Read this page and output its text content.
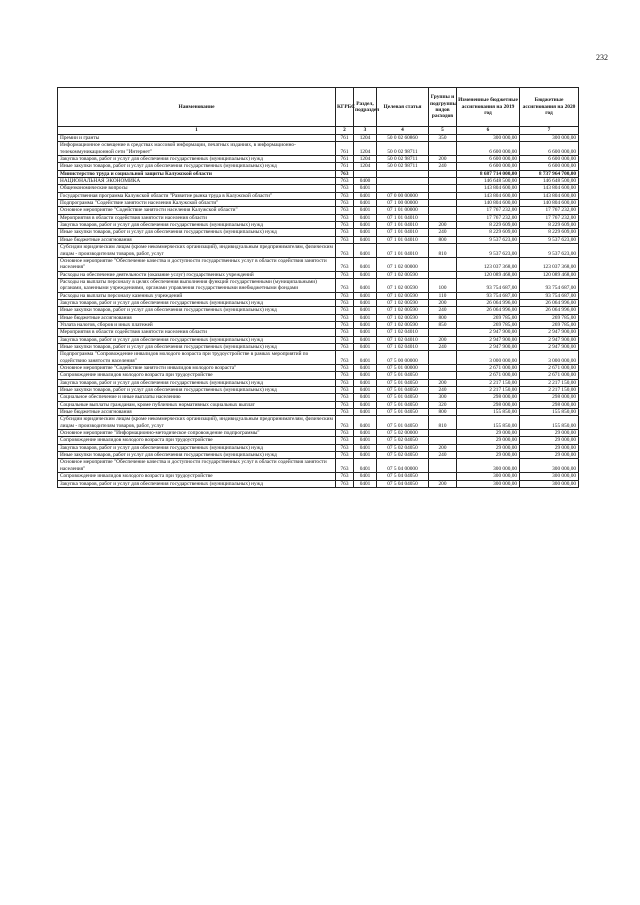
232
Наименование	КГРБС	Раздел, подраздел	Целевая статья	Группы и подгруппы видов расходов	Измененные бюджетные ассигнования на 2019 год	Бюджетные ассигнования на 2020 год
1	2	3	4	5	6	7
Премии и гранты	761	1204	50 0 02 60860	350	300 000,00	300 000,00
Информационное освещение в средствах массовой информации, печатных изданиях, в информационно-телекоммуникационной сети "Интернет"	761	1204	50 0 02 98711		6 600 000,00	6 600 000,00
Закупка товаров, работ и услуг для обеспечения государственных (муниципальных) нужд	761	1204	50 0 02 98711	200	6 600 000,00	6 600 000,00
Иные закупки товаров, работ и услуг для обеспечения государственных (муниципальных) нужд	761	1204	50 0 02 98711	240	6 600 000,00	6 600 000,00
Министерство труда и социальной защиты Калужской области	763				8 687 714 000,00	8 737 964 700,00
НАЦИОНАЛЬНАЯ ЭКОНОМИКА	763	0400			146 648 500,00	146 648 500,00
Общеэкономические вопросы	763	0401			143 804 600,00	143 804 600,00
Государственная программа Калужской области "Развитие рынка труда в Калужской области"	763	0401	07 0 00 00000		143 804 600,00	143 804 600,00
Подпрограмма "Содействие занятости населения Калужской области"	763	0401	07 1 00 00000		140 804 600,00	140 804 600,00
Основное мероприятие "Содействие занятости населения Калужской области"	763	0401	07 1 01 00000		17 767 232,00	17 767 232,00
Мероприятия в области содействия занятости населения области	763	0401	07 1 01 04010		17 767 232,00	17 767 232,00
Закупка товаров, работ и услуг для обеспечения государственных (муниципальных) нужд	763	0401	07 1 01 04010	200	8 229 609,00	8 229 609,00
Иные закупки товаров, работ и услуг для обеспечения государственных (муниципальных) нужд	763	0401	07 1 01 04010	240	8 229 609,00	8 229 609,00
Иные бюджетные ассигнования	763	0401	07 1 01 04010	800	9 537 623,00	9 537 623,00
Субсидии юридическим лицам (кроме некоммерческих организаций), индивидуальным предпринимателям, физическим лицам - производителям товаров, работ, услуг	763	0401	07 1 01 04010	810	9 537 623,00	9 537 623,00
Основное мероприятие "Обеспечение качества и доступности государственных услуг в области содействия занятости населения"	763	0401	07 1 02 00000		123 037 368,00	123 037 368,00
Расходы на обеспечение деятельности (оказание услуг) государственных учреждений	763	0401	07 1 02 00590		120 089 468,00	120 089 468,00
Расходы на выплаты персоналу в целях обеспечения выполнения функций государственными (муниципальными) органами, казенными учреждениями, органами управления государственными внебюджетными фондами	763	0401	07 1 02 00590	100	93 754 687,00	93 754 687,00
Расходы на выплаты персоналу казенных учреждений	763	0401	07 1 02 00590	110	93 754 687,00	93 754 687,00
Закупка товаров, работ и услуг для обеспечения государственных (муниципальных) нужд	763	0401	07 1 02 00590	200	26 064 996,00	26 064 996,00
Иные закупки товаров, работ и услуг для обеспечения государственных (муниципальных) нужд	763	0401	07 1 02 00590	240	26 064 996,00	26 064 996,00
Иные бюджетные ассигнования	763	0401	07 1 02 00590	800	269 785,00	269 785,00
Уплата налогов, сборов и иных платежей	763	0401	07 1 02 00590	850	269 785,00	269 785,00
Мероприятия в области содействия занятости населения области	763	0401	07 1 02 04010		2 947 900,00	2 947 900,00
Закупка товаров, работ и услуг для обеспечения государственных (муниципальных) нужд	763	0401	07 1 02 04010	200	2 947 900,00	2 947 900,00
Иные закупки товаров, работ и услуг для обеспечения государственных (муниципальных) нужд	763	0401	07 1 02 04010	240	2 947 900,00	2 947 900,00
Подпрограмма "Сопровождение инвалидов молодого возраста при трудоустройстве в рамках мероприятий по содействию занятости населения"	763	0401	07 5 00 00000		3 000 000,00	3 000 000,00
Основное мероприятие "Содействие занятости инвалидов молодого возраста"	763	0401	07 5 01 00000		2 671 000,00	2 671 000,00
Сопровождение инвалидов молодого возраста при трудоустройстве	763	0401	07 5 01 04050		2 671 000,00	2 671 000,00
Закупка товаров, работ и услуг для обеспечения государственных (муниципальных) нужд	763	0401	07 5 01 04050	200	2 217 150,00	2 217 150,00
Иные закупки товаров, работ и услуг для обеспечения государственных (муниципальных) нужд	763	0401	07 5 01 04050	240	2 217 150,00	2 217 150,00
Социальное обеспечение и иные выплаты населению	763	0401	07 5 01 04050	300	298 000,00	298 000,00
Социальные выплаты гражданам, кроме публичных нормативных социальных выплат	763	0401	07 5 01 04050	320	298 000,00	298 000,00
Иные бюджетные ассигнования	763	0401	07 5 01 04050	800	155 850,00	155 850,00
Субсидии юридическим лицам (кроме некоммерческих организаций), индивидуальным предпринимателям, физическим лицам - производителям товаров, работ, услуг	763	0401	07 5 01 04050	810	155 850,00	155 850,00
Основное мероприятие "Информационно-методическое сопровождение подпрограммы"	763	0401	07 5 02 00000		29 000,00	29 000,00
Сопровождение инвалидов молодого возраста при трудоустройстве	763	0401	07 5 02 04050		29 000,00	29 000,00
Закупка товаров, работ и услуг для обеспечения государственных (муниципальных) нужд	763	0401	07 5 02 04050	200	29 000,00	29 000,00
Иные закупки товаров, работ и услуг для обеспечения государственных (муниципальных) нужд	763	0401	07 5 02 04050	240	29 000,00	29 000,00
Основное мероприятие "Обеспечение качества и доступности государственных услуг в области содействия занятости населения"	763	0401	07 5 04 00000		300 000,00	300 000,00
Сопровождение инвалидов молодого возраста при трудоустройстве	763	0401	07 5 04 04050		300 000,00	300 000,00
Закупка товаров, работ и услуг для обеспечения государственных (муниципальных) нужд	763	0401	07 5 04 04050	200	300 000,00	300 000,00
